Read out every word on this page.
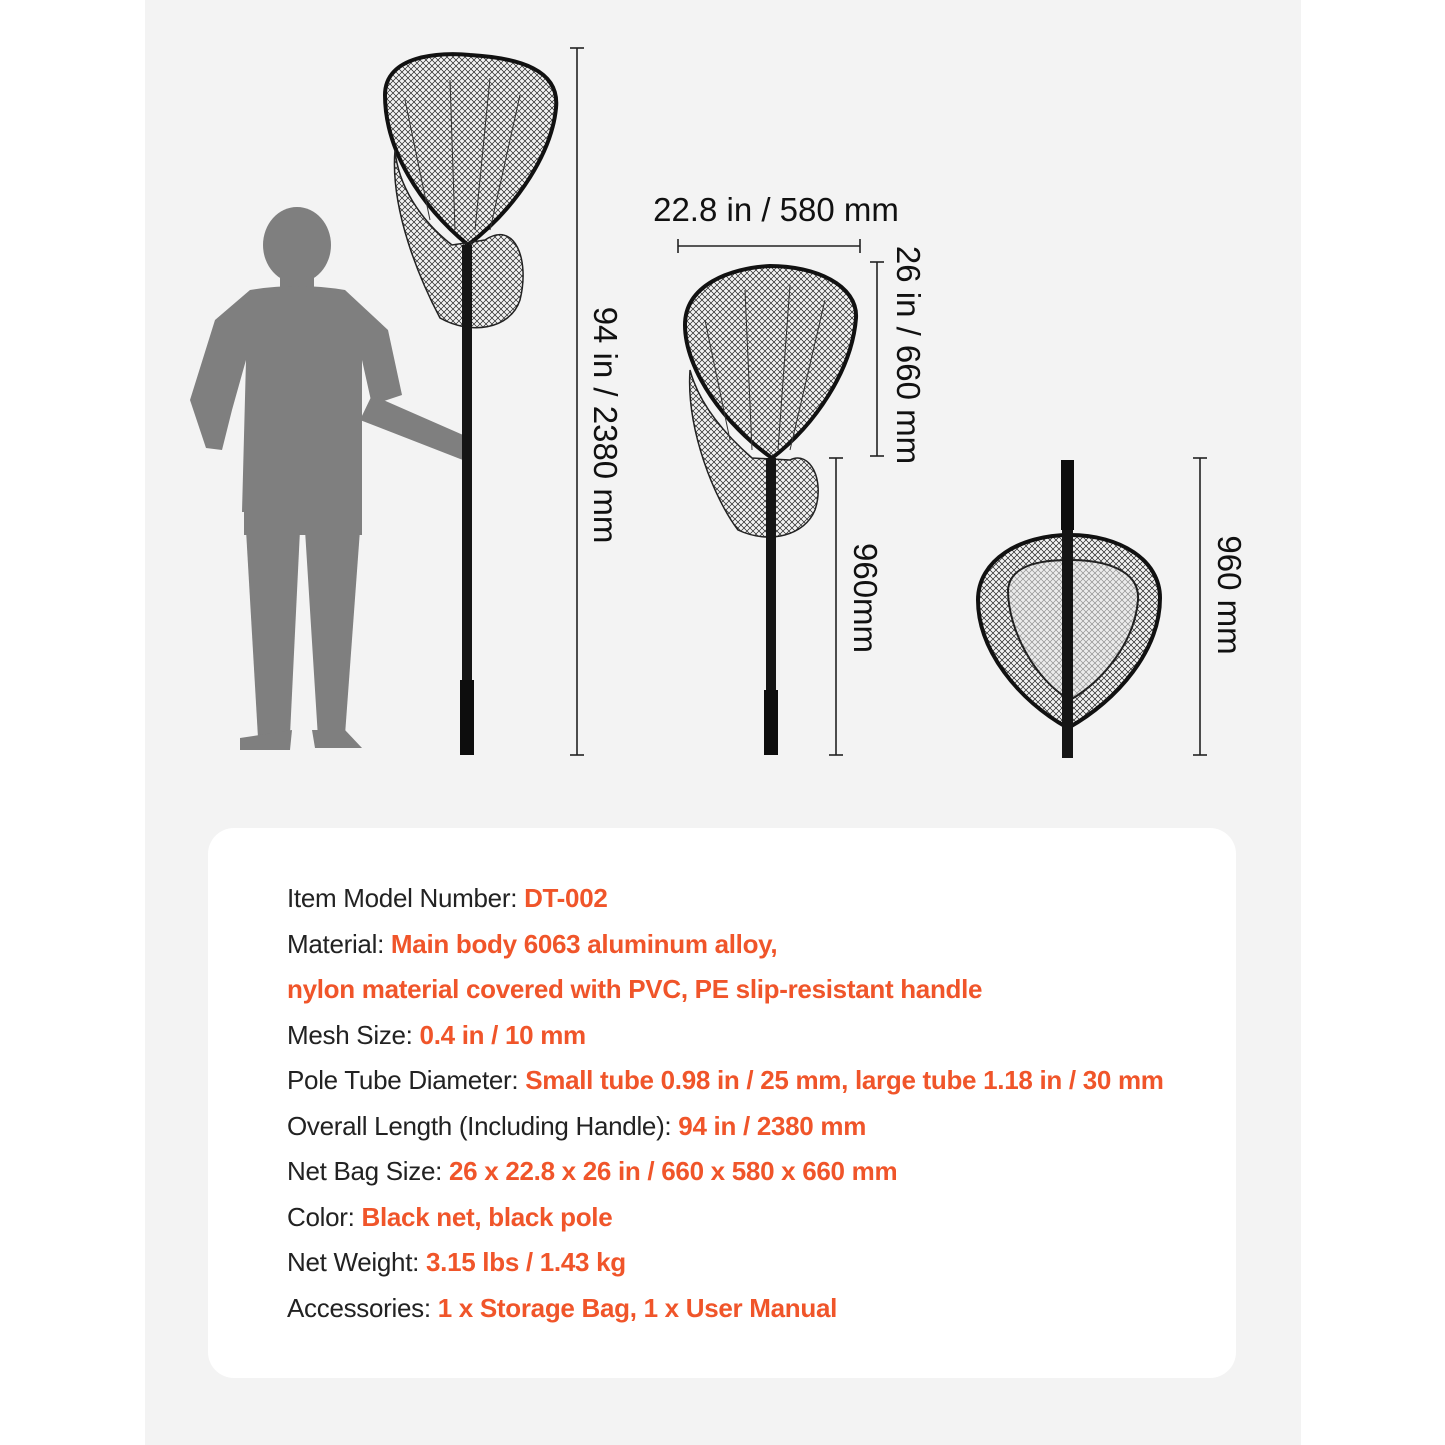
94 in / 2380 mm
22.8 in / 580 mm
26 in / 660 mm
960mm	960 mm
Item Model Number: DT-002
Material: Main body 6063 aluminum alloy,
nylon material covered with PVC, PE slip-resistant handle
Mesh Size: 0.4 in / 10 mm
Pole Tube Diameter: Small tube 0.98 in / 25 mm, large tube 1.18 in / 30 mm
Overall Length (Including Handle): 94 in / 2380 mm
Net Bag Size: 26 x 22.8 x 26 in / 660 x 580 x 660 mm
Color: Black net, black pole
Net Weight: 3.15 lbs / 1.43 kg
Accessories: 1 x Storage Bag, 1 x User Manual
